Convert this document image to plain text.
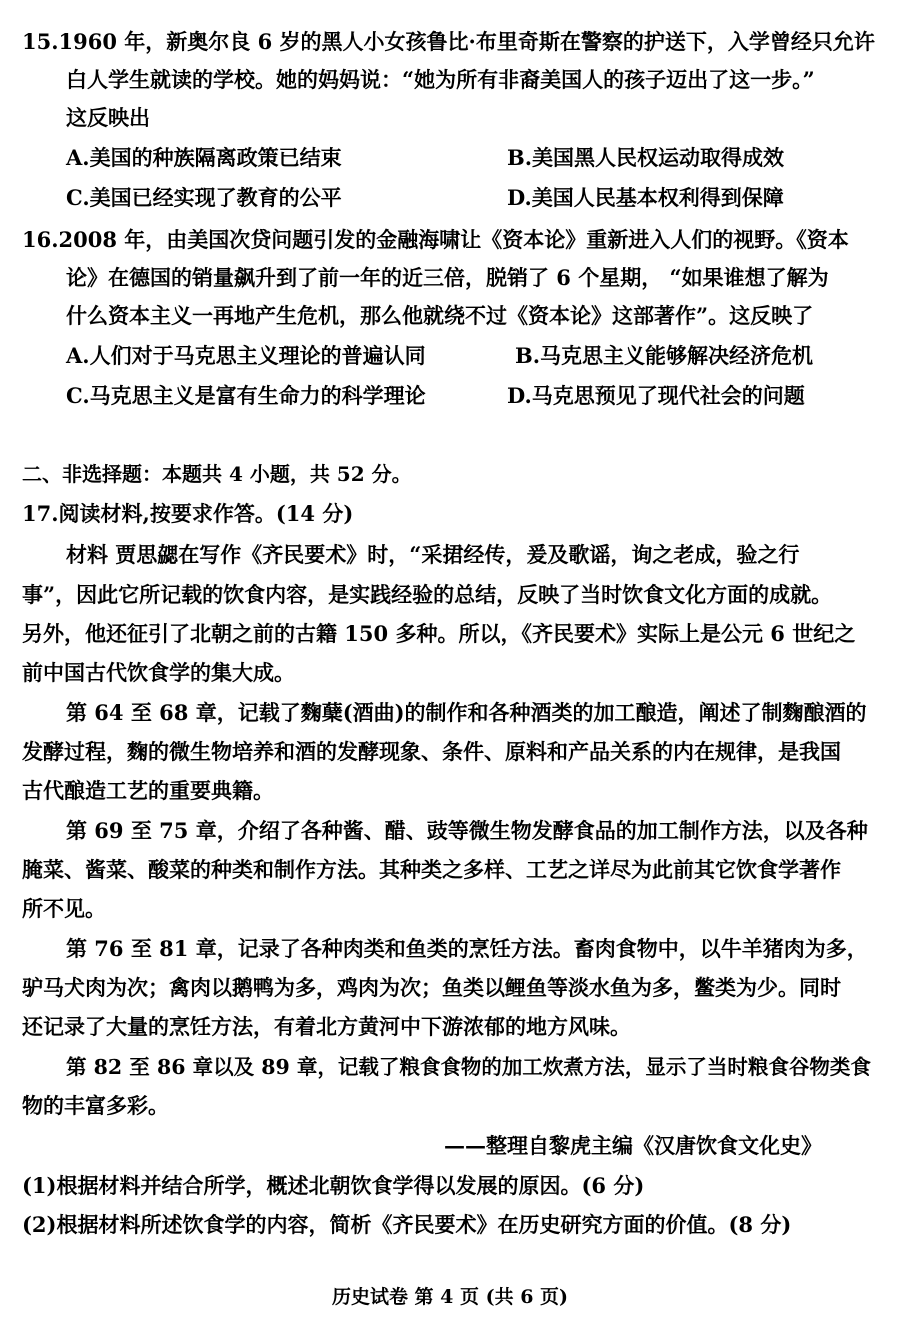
15.1960 年，新奥尔良 6 岁的黑人小女孩鲁比·布里奇斯在警察的护送下，入学曾经只允许
白人学生就读的学校。她的妈妈说：“她为所有非裔美国人的孩子迈出了这一步。”
这反映出
A.美国的种族隔离政策已结束	B.美国黑人民权运动取得成效
C.美国已经实现了教育的公平	D.美国人民基本权利得到保障
16.2008 年，由美国次贷问题引发的金融海啸让《资本论》重新进入人们的视野。《资本
论》在德国的销量飙升到了前一年的近三倍，脱销了 6 个星期， “如果谁想了解为
什么资本主义一再地产生危机，那么他就绕不过《资本论》这部著作”。这反映了
A.人们对于马克思主义理论的普遍认同	B.马克思主义能够解决经济危机
C.马克思主义是富有生命力的科学理论	D.马克思预见了现代社会的问题
二、非选择题：本题共 4 小题，共 52 分。
17.阅读材料,按要求作答。(14 分)
材料 贾思勰在写作《齐民要术》时，“采捃经传，爰及歌谣，询之老成，验之行
事”，因此它所记载的饮食内容，是实践经验的总结，反映了当时饮食文化方面的成就。
另外，他还征引了北朝之前的古籍 150 多种。所以，《齐民要术》实际上是公元 6 世纪之
前中国古代饮食学的集大成。
第 64 至 68 章，记载了麴蘖(酒曲)的制作和各种酒类的加工酿造，阐述了制麴酿酒的
发酵过程，麴的微生物培养和酒的发酵现象、条件、原料和产品关系的内在规律，是我国
古代酿造工艺的重要典籍。
第 69 至 75 章，介绍了各种酱、醋、豉等微生物发酵食品的加工制作方法，以及各种
腌菜、酱菜、酸菜的种类和制作方法。其种类之多样、工艺之详尽为此前其它饮食学著作
所不见。
第 76 至 81 章，记录了各种肉类和鱼类的烹饪方法。畜肉食物中，以牛羊猪肉为多，
驴马犬肉为次；禽肉以鹅鸭为多，鸡肉为次；鱼类以鲤鱼等淡水鱼为多，鳖类为少。同时
还记录了大量的烹饪方法，有着北方黄河中下游浓郁的地方风味。
第 82 至 86 章以及 89 章，记载了粮食食物的加工炊煮方法，显示了当时粮食谷物类食
物的丰富多彩。
——整理自黎虎主编《汉唐饮食文化史》
(1)根据材料并结合所学，概述北朝饮食学得以发展的原因。(6 分)
(2)根据材料所述饮食学的内容，简析《齐民要术》在历史研究方面的价值。(8 分)
历史试卷 第 4 页 (共 6 页)
